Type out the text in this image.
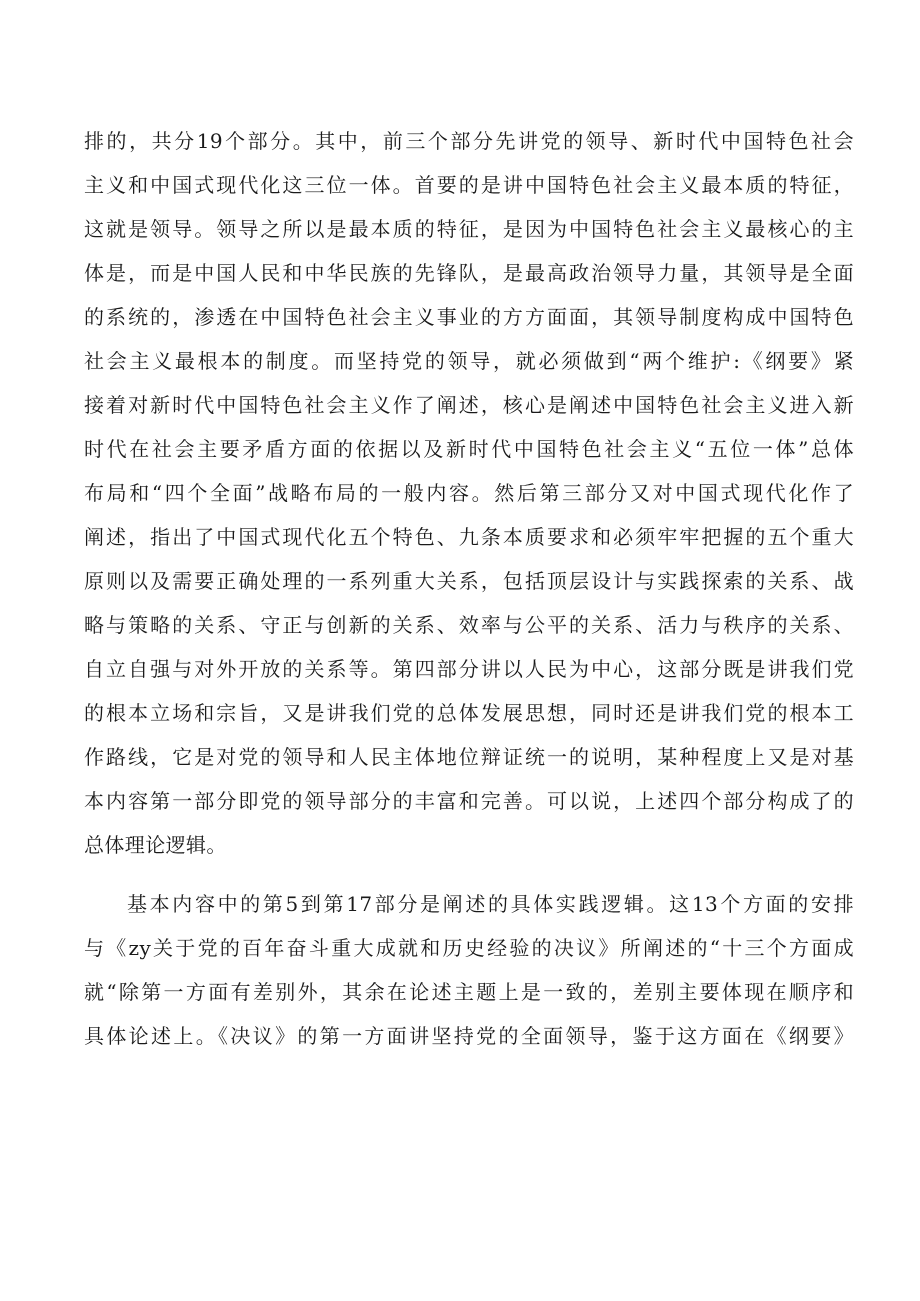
排的，共分19个部分。其中，前三个部分先讲党的领导、新时代中国特色社会
主义和中国式现代化这三位一体。首要的是讲中国特色社会主义最本质的特征，
这就是领导。领导之所以是最本质的特征，是因为中国特色社会主义最核心的主
体是，而是中国人民和中华民族的先锋队，是最高政治领导力量，其领导是全面
的系统的，渗透在中国特色社会主义事业的方方面面，其领导制度构成中国特色
社会主义最根本的制度。而坚持党的领导，就必须做到“两个维护:《纲要》紧
接着对新时代中国特色社会主义作了阐述，核心是阐述中国特色社会主义进入新
时代在社会主要矛盾方面的依据以及新时代中国特色社会主义“五位一体”总体
布局和“四个全面”战略布局的一般内容。然后第三部分又对中国式现代化作了
阐述，指出了中国式现代化五个特色、九条本质要求和必须牢牢把握的五个重大
原则以及需要正确处理的一系列重大关系，包括顶层设计与实践探索的关系、战
略与策略的关系、守正与创新的关系、效率与公平的关系、活力与秩序的关系、
自立自强与对外开放的关系等。第四部分讲以人民为中心，这部分既是讲我们党
的根本立场和宗旨，又是讲我们党的总体发展思想，同时还是讲我们党的根本工
作路线，它是对党的领导和人民主体地位辩证统一的说明，某种程度上又是对基
本内容第一部分即党的领导部分的丰富和完善。可以说，上述四个部分构成了的
总体理论逻辑。
基本内容中的第5到第17部分是阐述的具体实践逻辑。这13个方面的安排
与《zy关于党的百年奋斗重大成就和历史经验的决议》所阐述的“十三个方面成
就“除第一方面有差别外，其余在论述主题上是一致的，差别主要体现在顺序和
具体论述上。《决议》的第一方面讲坚持党的全面领导，鉴于这方面在《纲要》
